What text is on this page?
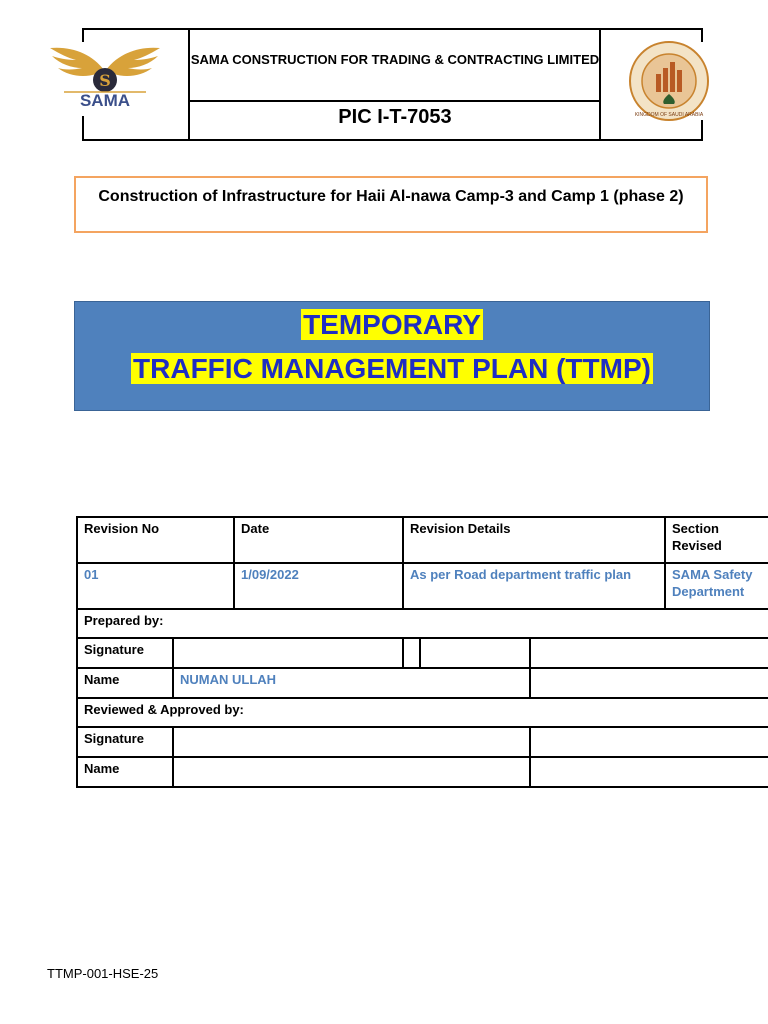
SAMA CONSTRUCTION FOR TRADING & CONTRACTING LIMITED
PIC I-T-7053
S
SAMA
KINGDOM OF SAUDI ARABIA
Construction of Infrastructure for Haii Al-nawa Camp-3 and Camp 1 (phase 2)
TEMPORARY
TRAFFIC MANAGEMENT PLAN (TTMP)
Revision No		Date	Revision Details			Section Revised
01		1/09/2022	As per Road department traffic plan			SAMA Safety Department
Prepared by:						
Signature						
Name	NUMAN ULLAH					
Reviewed & Approved by:						
Signature						
Name						
TTMP-001-HSE-25
